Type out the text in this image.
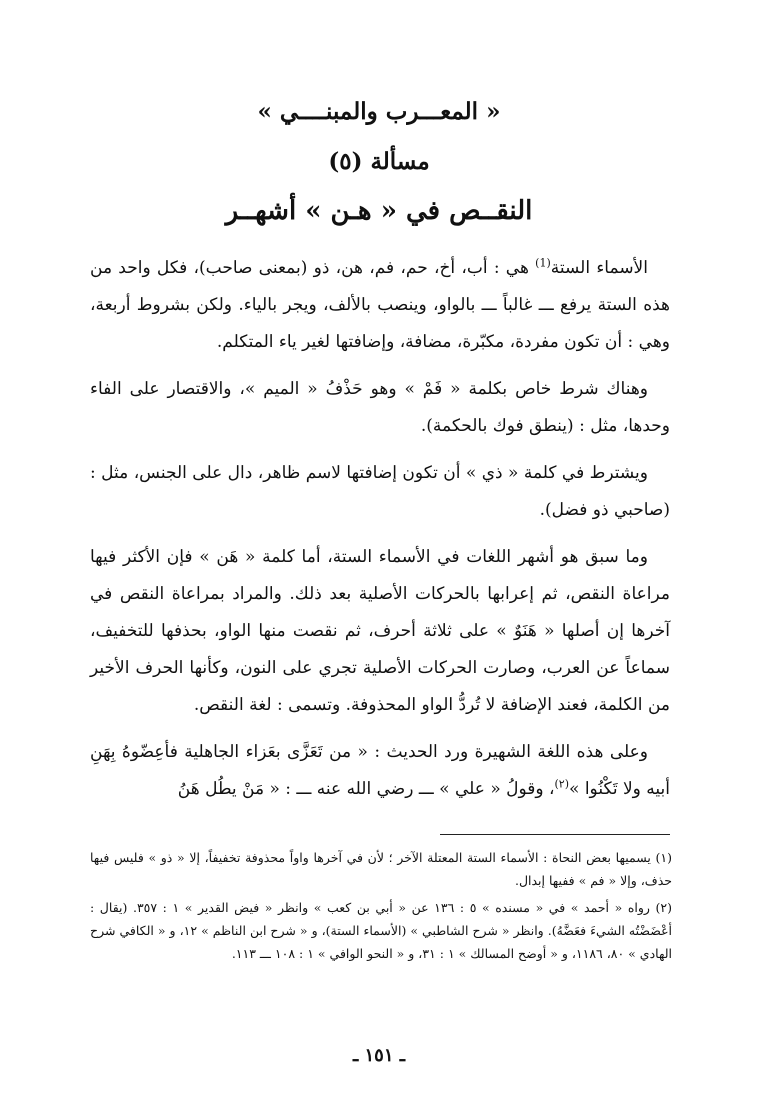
« المعـــرب والمبنــــي »
مسألة (٥)
النقــص في « هـن » أشهــر

الأسماء الستة$^{(1)}$ هي : أب، أخ، حم، فم، هن، ذو (بمعنى صاحب)، فكل واحد من هذه الستة يرفع ـــ غالباً ـــ بالواو، وينصب بالألف، ويجر بالياء. ولكن بشروط أربعة، وهي : أن تكون مفردة، مكبّرة، مضافة، وإضافتها لغير ياء المتكلم.

وهناك شرط خاص بكلمة « فَمْ » وهو حَذْفُ « الميم »، والاقتصار على الفاء وحدها، مثل : (ينطق فوك بالحكمة).

ويشترط في كلمة « ذي » أن تكون إضافتها لاسم ظاهر، دال على الجنس، مثل : (صاحبي ذو فضل).

وما سبق هو أشهر اللغات في الأسماء الستة، أما كلمة « هَن » فإن الأكثر فيها مراعاة النقص، ثم إعرابها بالحركات الأصلية بعد ذلك. والمراد بمراعاة النقص في آخرها إن أصلها « هَنَوٌ » على ثلاثة أحرف، ثم نقصت منها الواو، بحذفها للتخفيف، سماعاً عن العرب، وصارت الحركات الأصلية تجري على النون، وكأنها الحرف الأخير من الكلمة، فعند الإضافة لا تُردُّ الواو المحذوفة. وتسمى : لغة النقص.

وعلى هذه اللغة الشهيرة ورد الحديث : « من تَعَزَّى بعَزاء الجاهلية فأعِضّوهُ بِهَنِ أبيه ولا تَكْنُوا »$^{(٢)}$، وقولُ « علي » ـــ رضي الله عنه ـــ : « مَنْ يطُل هَنُ

(١) يسميها بعض النحاة : الأسماء الستة المعتلة الآخر ؛ لأن في آخرها واواً محذوفة تخفيفاً، إلا « ذو » فليس فيها حذف، وإلا « فم » ففيها إبدال.

(٢) رواه « أحمد » في « مسنده » ٥ : ١٣٦ عن « أبي بن كعب » وانظر « فيض القدير » ١ : ٣٥٧. (يقال : أعْضَضْتُه الشيءَ فعَضَّهُ). وانظر « شرح الشاطبي » (الأسماء الستة)، و « شرح ابن الناظم » ١٢، و « الكافي شرح الهادي » ٨٠، ١١٨٦، و « أوضح المسالك » ١ : ٣١، و « النحو الوافي » ١ : ١٠٨ ـــ ١١٣.

ـ ١٥١ ـ
